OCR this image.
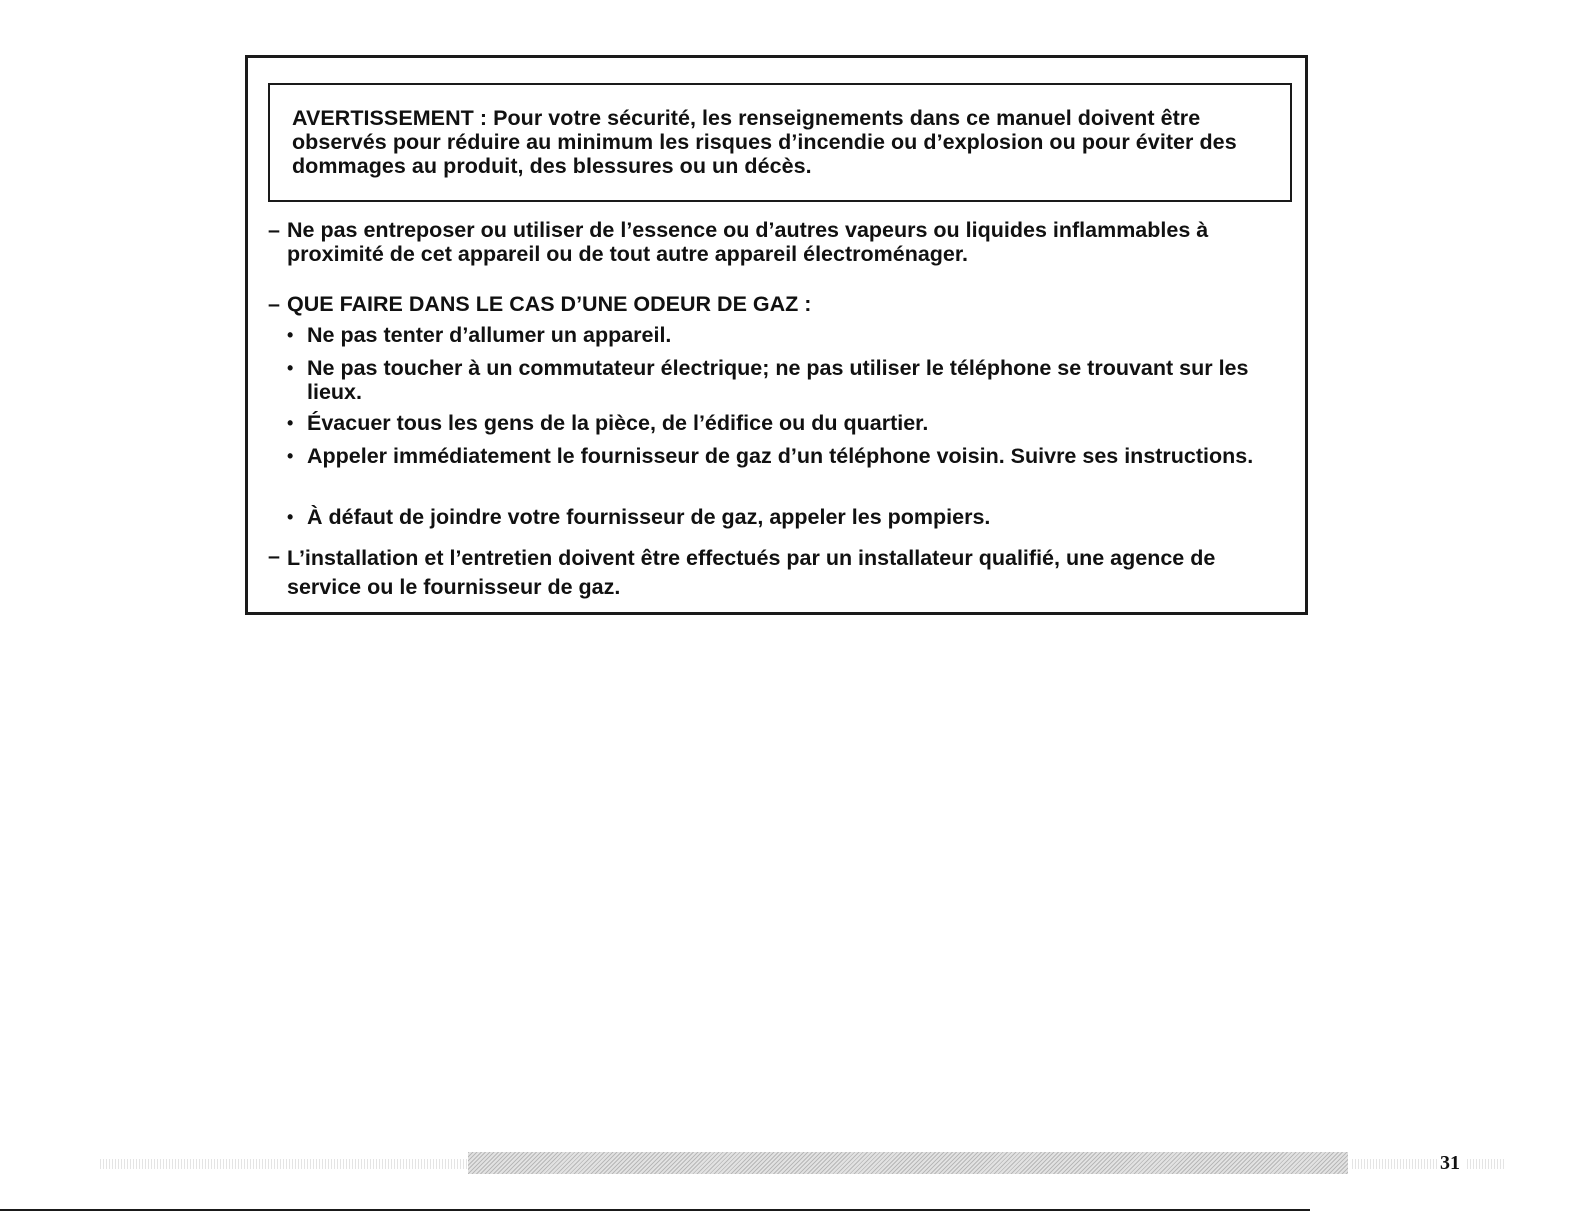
AVERTISSEMENT : Pour votre sécurité, les renseignements dans ce manuel doivent être observés pour réduire au minimum les risques d’incendie ou d’explosion ou pour éviter des dommages au produit, des blessures ou un décès.

– Ne pas entreposer ou utiliser de l’essence ou d’autres vapeurs ou liquides inflammables à proximité de cet appareil ou de tout autre appareil électroménager.
– QUE FAIRE DANS LE CAS D’UNE ODEUR DE GAZ :
• Ne pas tenter d’allumer un appareil.
• Ne pas toucher à un commutateur électrique; ne pas utiliser le téléphone se trouvant sur les lieux.
• Évacuer tous les gens de la pièce, de l’édifice ou du quartier.
• Appeler immédiatement le fournisseur de gaz d’un téléphone voisin. Suivre ses instructions.
• À défaut de joindre votre fournisseur de gaz, appeler les pompiers.
– L’installation et l’entretien doivent être effectués par un installateur qualifié, une agence de service ou le fournisseur de gaz.
31
